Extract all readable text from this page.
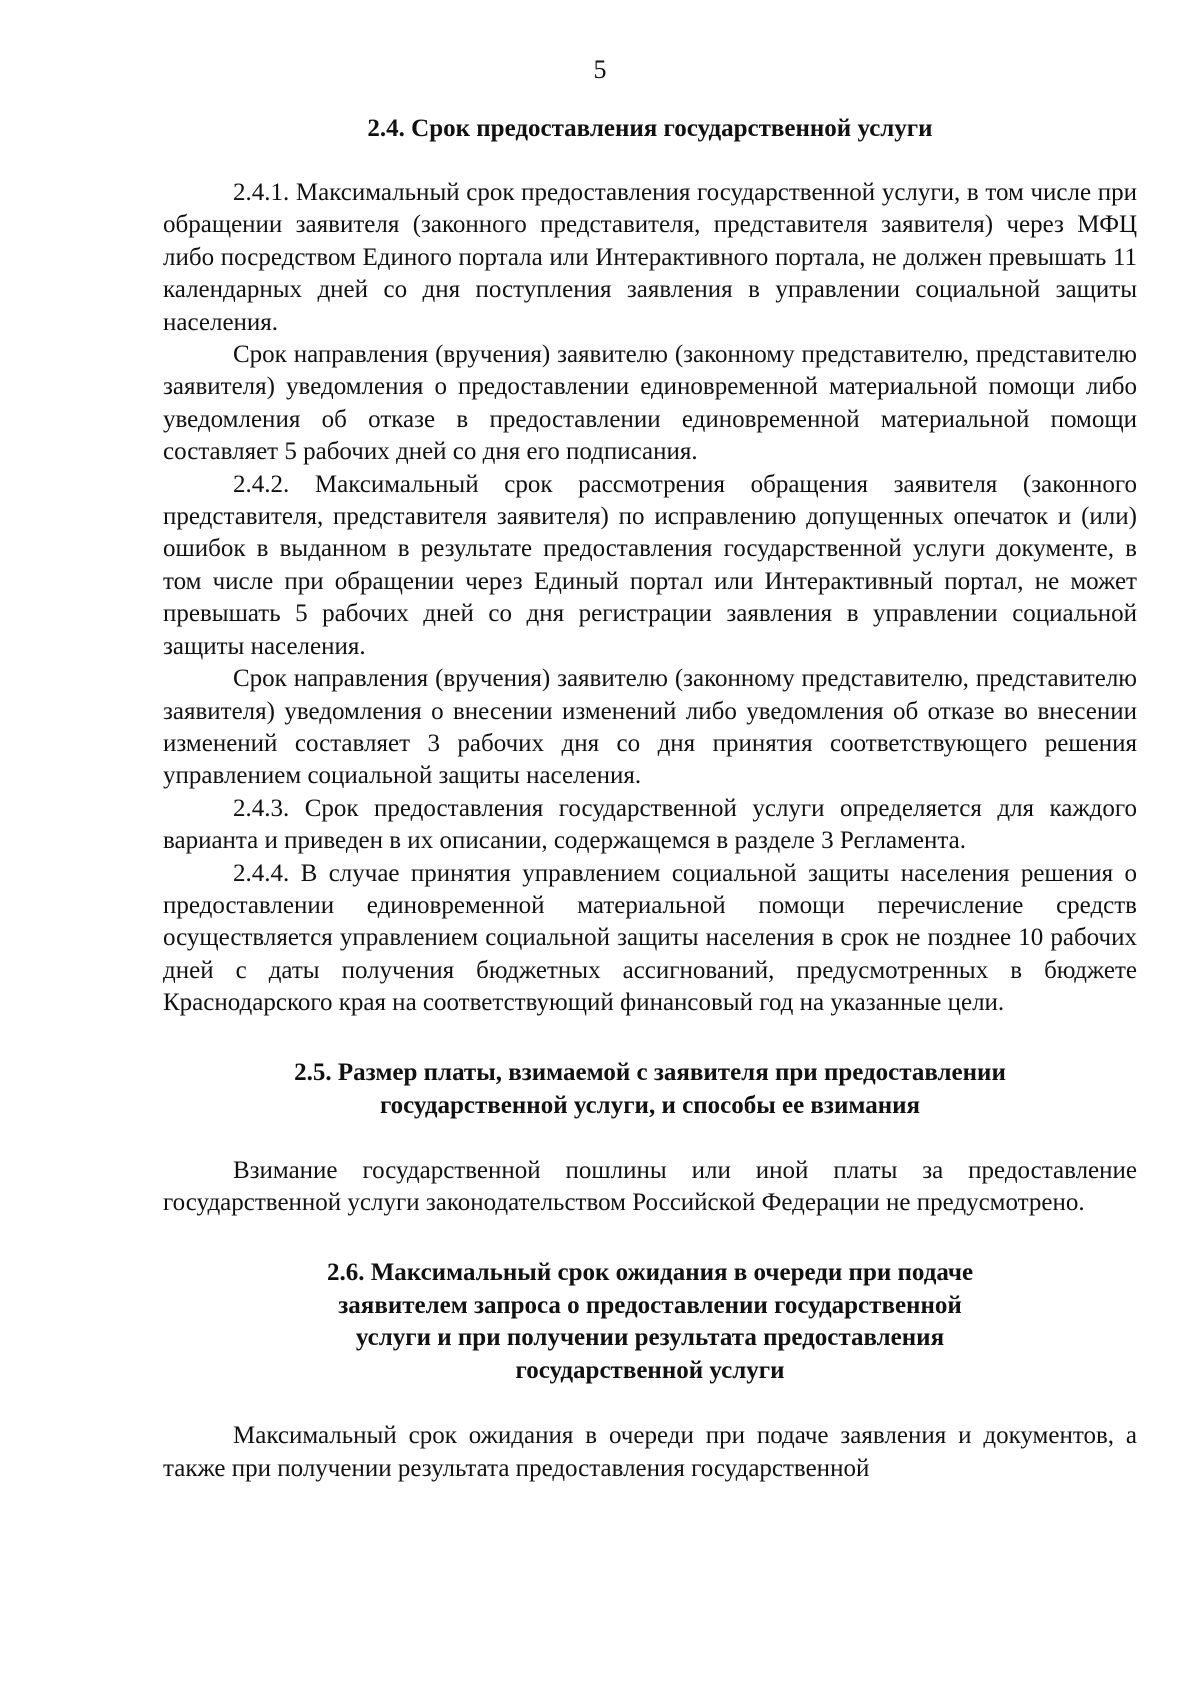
5
2.4. Срок предоставления государственной услуги

2.4.1. Максимальный срок предоставления государственной услуги, в том числе при обращении заявителя (законного представителя, представителя заявителя) через МФЦ либо посредством Единого портала или Интерактивного портала, не должен превышать 11 календарных дней со дня поступления заявления в управлении социальной защиты населения.

Срок направления (вручения) заявителю (законному представителю, представителю заявителя) уведомления о предоставлении единовременной материальной помощи либо уведомления об отказе в предоставлении единовременной материальной помощи составляет 5 рабочих дней со дня его подписания.

2.4.2. Максимальный срок рассмотрения обращения заявителя (законного представителя, представителя заявителя) по исправлению допущенных опечаток и (или) ошибок в выданном в результате предоставления государственной услуги документе, в том числе при обращении через Единый портал или Интерактивный портал, не может превышать 5 рабочих дней со дня регистрации заявления в управлении социальной защиты населения.

Срок направления (вручения) заявителю (законному представителю, представителю заявителя) уведомления о внесении изменений либо уведомления об отказе во внесении изменений составляет 3 рабочих дня со дня принятия соответствующего решения управлением социальной защиты населения.

2.4.3. Срок предоставления государственной услуги определяется для каждого варианта и приведен в их описании, содержащемся в разделе 3 Регламента.

2.4.4. В случае принятия управлением социальной защиты населения решения о предоставлении единовременной материальной помощи перечисление средств осуществляется управлением социальной защиты населения в срок не позднее 10 рабочих дней с даты получения бюджетных ассигнований, предусмотренных в бюджете Краснодарского края на соответствующий финансовый год на указанные цели.

2.5. Размер платы, взимаемой с заявителя при предоставлении
государственной услуги, и способы ее взимания

Взимание государственной пошлины или иной платы за предоставление государственной услуги законодательством Российской Федерации не предусмотрено.

2.6. Максимальный срок ожидания в очереди при подаче
заявителем запроса о предоставлении государственной
услуги и при получении результата предоставления
государственной услуги

Максимальный срок ожидания в очереди при подаче заявления и документов, а также при получении результата предоставления государственной
